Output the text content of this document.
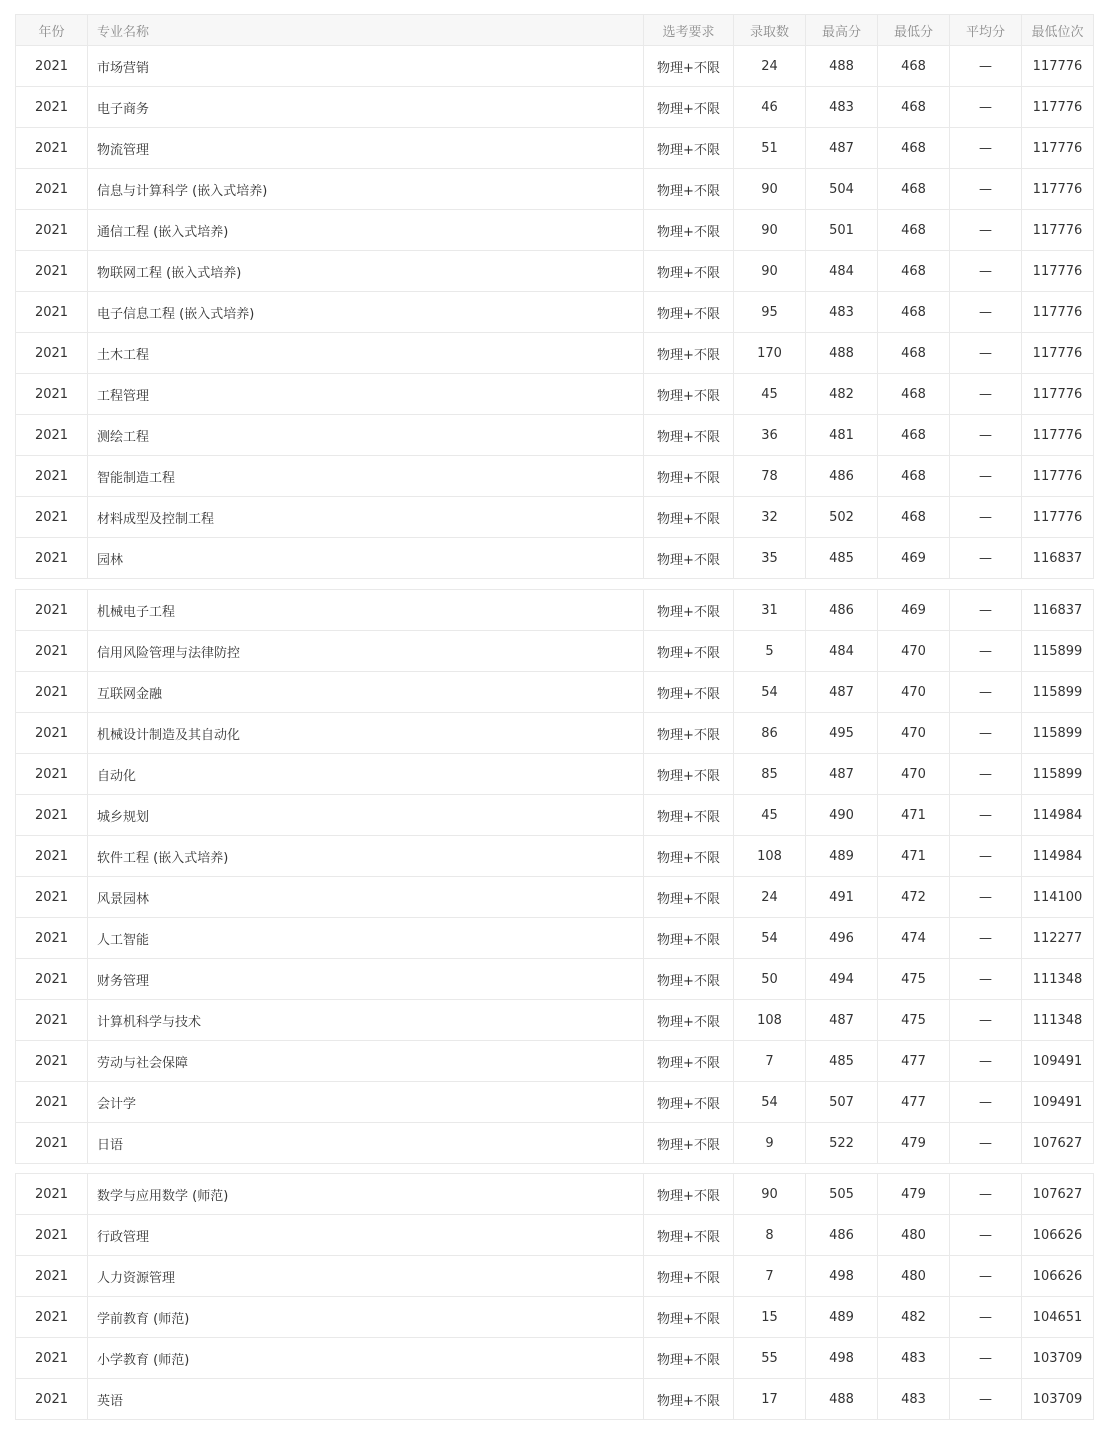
年份	专业名称	选考要求	录取数	最高分	最低分	平均分	最低位次
2021	市场营销	物理+不限	24	488	468	—	117776
2021	电子商务	物理+不限	46	483	468	—	117776
2021	物流管理	物理+不限	51	487	468	—	117776
2021	信息与计算科学 (嵌入式培养)	物理+不限	90	504	468	—	117776
2021	通信工程 (嵌入式培养)	物理+不限	90	501	468	—	117776
2021	物联网工程 (嵌入式培养)	物理+不限	90	484	468	—	117776
2021	电子信息工程 (嵌入式培养)	物理+不限	95	483	468	—	117776
2021	土木工程	物理+不限	170	488	468	—	117776
2021	工程管理	物理+不限	45	482	468	—	117776
2021	测绘工程	物理+不限	36	481	468	—	117776
2021	智能制造工程	物理+不限	78	486	468	—	117776
2021	材料成型及控制工程	物理+不限	32	502	468	—	117776
2021	园林	物理+不限	35	485	469	—	116837
2021	机械电子工程	物理+不限	31	486	469	—	116837
2021	信用风险管理与法律防控	物理+不限	5	484	470	—	115899
2021	互联网金融	物理+不限	54	487	470	—	115899
2021	机械设计制造及其自动化	物理+不限	86	495	470	—	115899
2021	自动化	物理+不限	85	487	470	—	115899
2021	城乡规划	物理+不限	45	490	471	—	114984
2021	软件工程 (嵌入式培养)	物理+不限	108	489	471	—	114984
2021	风景园林	物理+不限	24	491	472	—	114100
2021	人工智能	物理+不限	54	496	474	—	112277
2021	财务管理	物理+不限	50	494	475	—	111348
2021	计算机科学与技术	物理+不限	108	487	475	—	111348
2021	劳动与社会保障	物理+不限	7	485	477	—	109491
2021	会计学	物理+不限	54	507	477	—	109491
2021	日语	物理+不限	9	522	479	—	107627
2021	数学与应用数学 (师范)	物理+不限	90	505	479	—	107627
2021	行政管理	物理+不限	8	486	480	—	106626
2021	人力资源管理	物理+不限	7	498	480	—	106626
2021	学前教育 (师范)	物理+不限	15	489	482	—	104651
2021	小学教育 (师范)	物理+不限	55	498	483	—	103709
2021	英语	物理+不限	17	488	483	—	103709
